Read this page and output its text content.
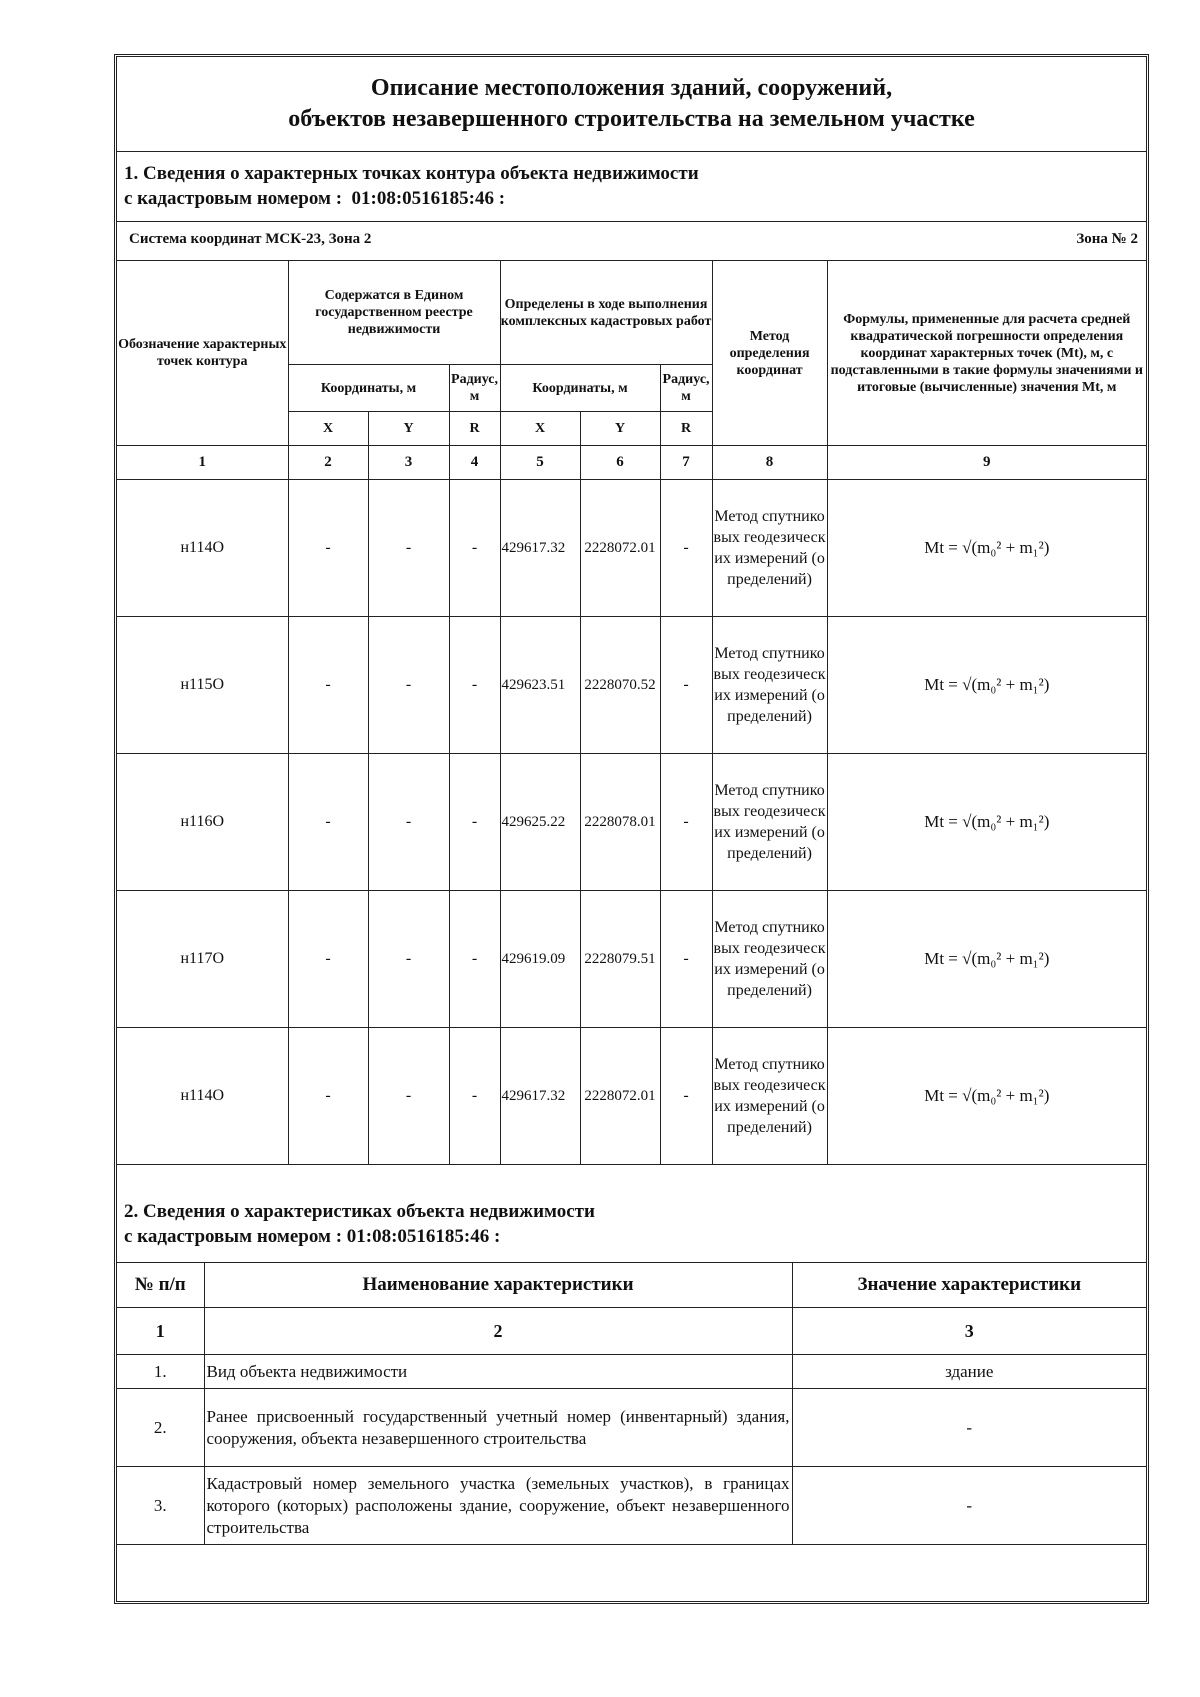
Описание местоположения зданий, сооружений,
объектов незавершенного строительства на земельном участке
1. Сведения о характерных точках контура объекта недвижимости
с кадастровым номером :  01:08:0516185:46 :
Система координат МСК-23, Зона 2	Зона № 2
Обозначение характерных точек контура	Содержатся в Едином государственном реестре недвижимости			Определены в ходе выполнения комплексных кадастровых работ			Метод определения координат	Формулы, примененные для расчета средней квадратической погрешности определения координат характерных точек (Mt), м, с подставленными в такие формулы значениями и итоговые (вычисленные) значения Mt, м
	Координаты, м		Радиус, м	Координаты, м		Радиус, м		
	X	Y	R	X	Y	R		
1	2	3	4	5	6	7	8	9
н114О	-	-	-	429617.32	2228072.01	-	Метод спутниковых геодезических измерений (определений)	Mt = √(m₀² + m₁²)
н115О	-	-	-	429623.51	2228070.52	-	Метод спутниковых геодезических измерений (определений)	Mt = √(m₀² + m₁²)
н116О	-	-	-	429625.22	2228078.01	-	Метод спутниковых геодезических измерений (определений)	Mt = √(m₀² + m₁²)
н117О	-	-	-	429619.09	2228079.51	-	Метод спутниковых геодезических измерений (определений)	Mt = √(m₀² + m₁²)
н114О	-	-	-	429617.32	2228072.01	-	Метод спутниковых геодезических измерений (определений)	Mt = √(m₀² + m₁²)
2. Сведения о характеристиках объекта недвижимости
с кадастровым номером : 01:08:0516185:46 :
№ п/п	Наименование характеристики	Значение характеристики
1	2	3
1.	Вид объекта недвижимости	здание
2.	Ранее присвоенный государственный учетный номер (инвентарный) здания, сооружения, объекта незавершенного строительства	-
3.	Кадастровый номер земельного участка (земельных участков), в границах которого (которых) расположены здание, сооружение, объект незавершенного строительства	-
